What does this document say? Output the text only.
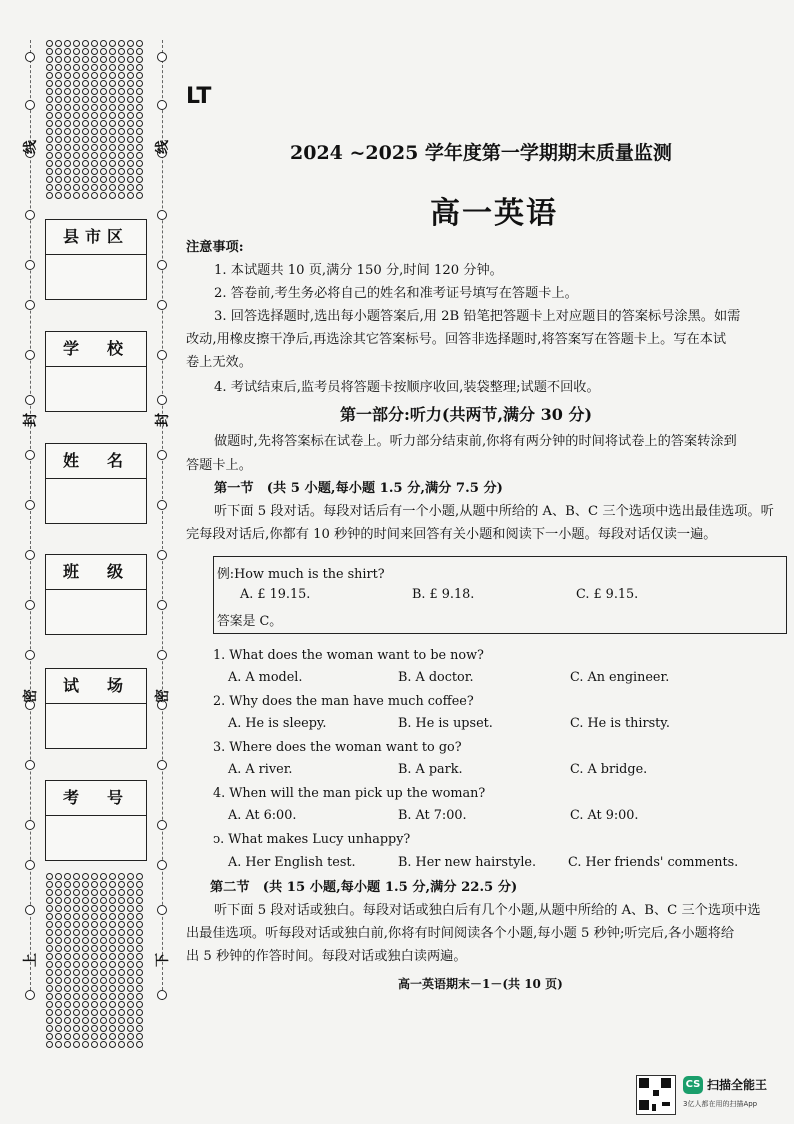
线
封
密
上
线
封
密
下
县市区
学　校
姓　名
班　级
试　场
考　号
LT
2024 ~2025 学年度第一学期期末质量监测
高一英语
注意事项:
1. 本试题共 10 页,满分 150 分,时间 120 分钟。
2. 答卷前,考生务必将自己的姓名和准考证号填写在答题卡上。
3. 回答选择题时,选出每小题答案后,用 2B 铅笔把答题卡上对应题目的答案标号涂黑。如需
改动,用橡皮擦干净后,再选涂其它答案标号。回答非选择题时,将答案写在答题卡上。写在本试
卷上无效。
4. 考试结束后,监考员将答题卡按顺序收回,装袋整理;试题不回收。
第一部分:听力(共两节,满分 30 分)
做题时,先将答案标在试卷上。听力部分结束前,你将有两分钟的时间将试卷上的答案转涂到
答题卡上。
第一节　(共 5 小题,每小题 1.5 分,满分 7.5 分)
听下面 5 段对话。每段对话后有一个小题,从题中所给的 A、B、C 三个选项中选出最佳选项。听
完每段对话后,你都有 10 秒钟的时间来回答有关小题和阅读下一小题。每段对话仅读一遍。
例:How much is the shirt?
A. £ 19.15.	B. £ 9.18.	C. £ 9.15.
答案是 C。
1. What does the woman want to be now?
A. A model.	B. A doctor.	C. An engineer.
2. Why does the man have much coffee?
A. He is sleepy.	B. He is upset.	C. He is thirsty.
3. Where does the woman want to go?
A. A river.	B. A park.	C. A bridge.
4. When will the man pick up the woman?
A. At 6:00.	B. At 7:00.	C. At 9:00.
ↄ. What makes Lucy unhappy?
A. Her English test.	B. Her new hairstyle. C. Her friends' comments.
第二节　(共 15 小题,每小题 1.5 分,满分 22.5 分)
听下面 5 段对话或独白。每段对话或独白后有几个小题,从题中所给的 A、B、C 三个选项中选
出最佳选项。听每段对话或独白前,你将有时间阅读各个小题,每小题 5 秒钟;听完后,各小题将给
出 5 秒钟的作答时间。每段对话或独白读两遍。
高一英语期末－1－(共 10 页)
CS 扫描全能王
3亿人都在用的扫描App
